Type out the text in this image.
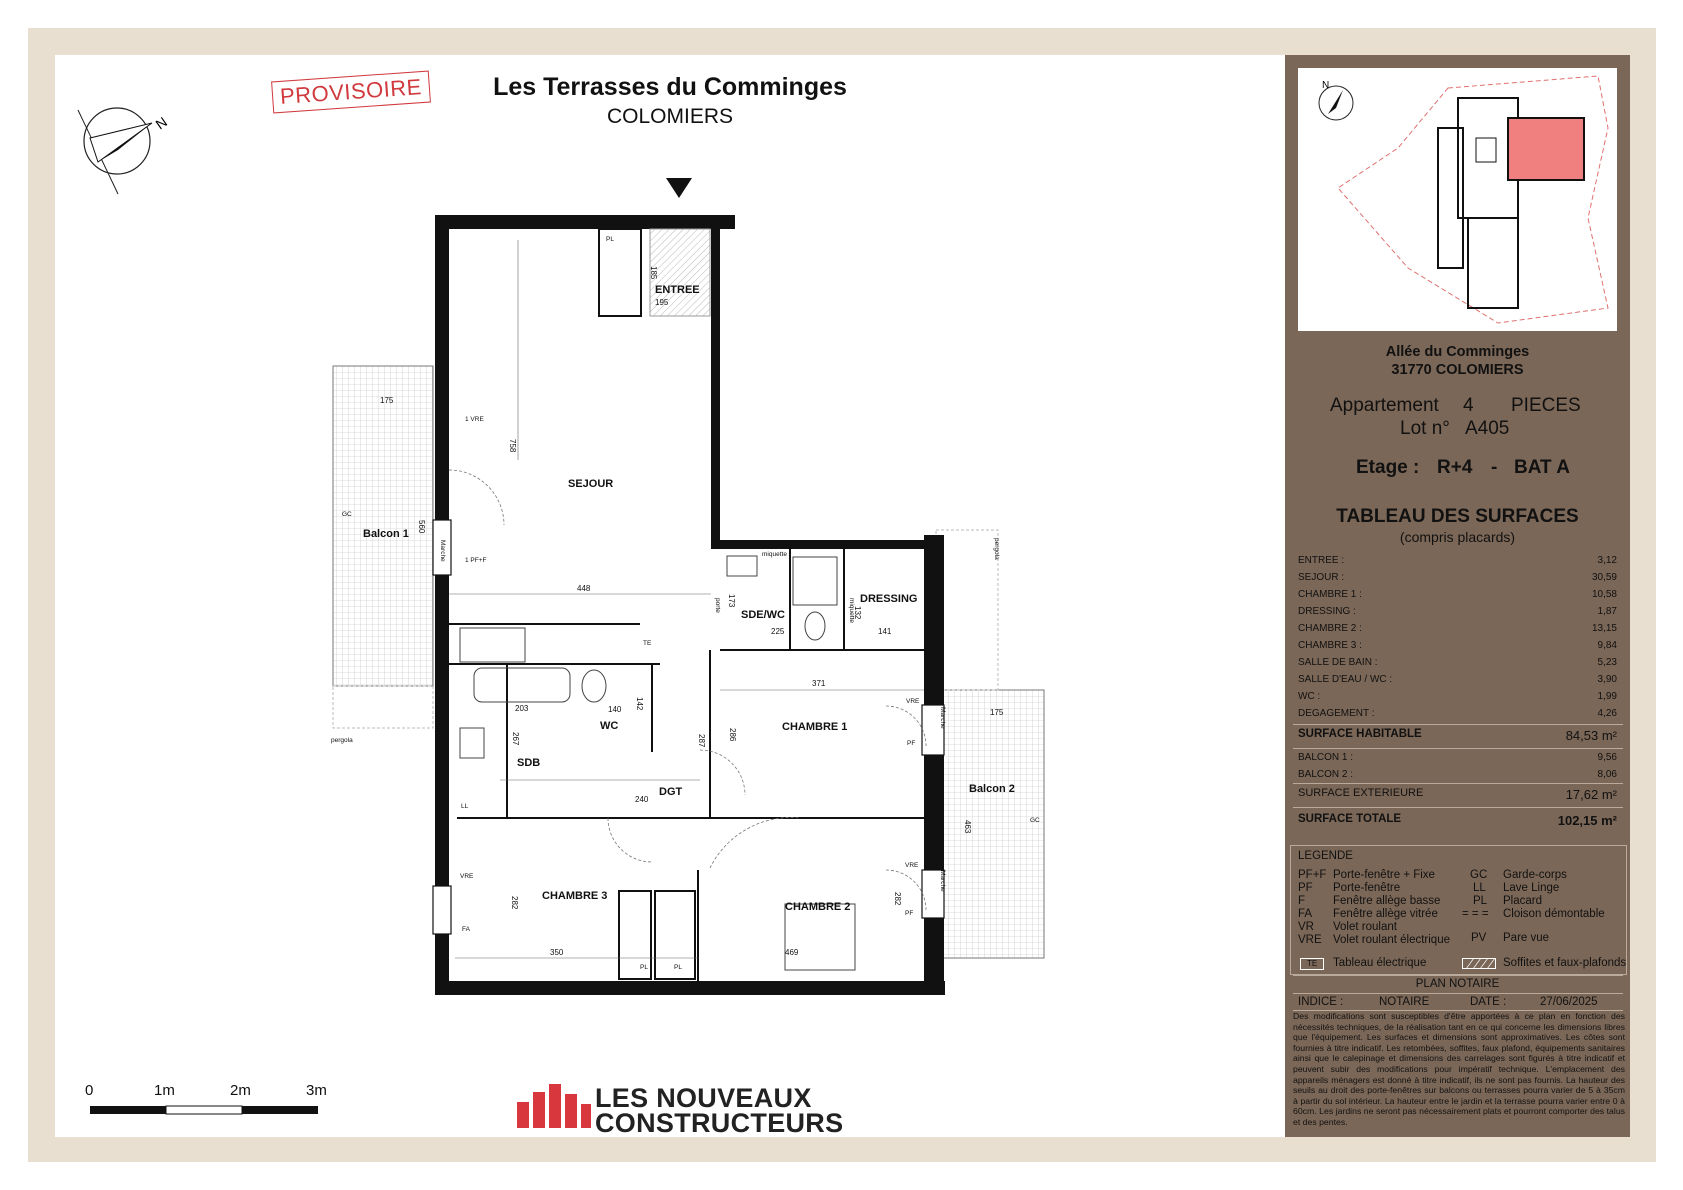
PROVISOIRE	Les Terrasses du Comminges
COLOMIERS
N
ENTREE
SEJOUR
Balcon 1
SDE/WC
DRESSING
CHAMBRE 1
WC
SDB
DGT	Balcon 2
CHAMBRE 3
CHAMBRE 2
185
195
175
758
560
448
173
132
225	141
371
203	140 142
267	287	286
240
175
463
282
350	469
282
PL
1 VRE
GC
Marche	1 PF+F
TE
LL
VRE
PF
VRE
PF
GC
Marche
Marche
VRE
FA
PL	PL
pergola
pergola
miquette
porte	miquette
0	1m	2m	3m	LES NOUVEAUX
CONSTRUCTEURS
N
Allée du Comminges
31770 COLOMIERS
Appartement 4 PIECES
Lot n° A405
Etage : R+4 - BAT A
TABLEAU DES SURFACES
(compris placards)
ENTREE :	3,12
SEJOUR :	30,59
CHAMBRE 1 :	10,58
DRESSING :	1,87
CHAMBRE 2 :	13,15
CHAMBRE 3 :	9,84
SALLE DE BAIN :	5,23
SALLE D'EAU / WC :	3,90
WC :	1,99
DEGAGEMENT :	4,26
SURFACE HABITABLE	84,53 m²
BALCON 1 :	9,56
BALCON 2 :	8,06
SURFACE EXTERIEURE	17,62 m²
SURFACE TOTALE	102,15 m²
LEGENDE
PF+F Porte-fenêtre + Fixe
PF Porte-fenêtre
F Fenêtre allège basse
FA Fenêtre allège vitrée
VR Volet roulant
VRE Volet roulant électrique
GC Garde-corps
LL Lave Linge
PL Placard
= = = Cloison démontable
PV Pare vue
TE	Tableau électrique	Soffites et faux-plafonds
PLAN NOTAIRE
INDICE :	NOTAIRE	DATE :	27/06/2025
Des modifications sont susceptibles d'être apportées à ce plan en fonction des nécessités techniques, de la réalisation tant en ce qui concerne les dimensions libres que l'équipement. Les surfaces et dimensions sont approximatives. Les côtes sont fournies à titre indicatif. Les retombées, soffites, faux plafond, équipements sanitaires ainsi que le calepinage et dimensions des carrelages sont figurés à titre indicatif et peuvent subir des modifications pour impératif technique. L'emplacement des appareils ménagers est donné à titre indicatif, ils ne sont pas fournis. La hauteur des seuils au droit des porte-fenêtres sur balcons ou terrasses pourra varier de 5 à 35cm à partir du sol intérieur. La hauteur entre le jardin et la terrasse pourra varier entre 0 à 60cm. Les jardins ne seront pas nécessairement plats et pourront comporter des talus et des pentes.
